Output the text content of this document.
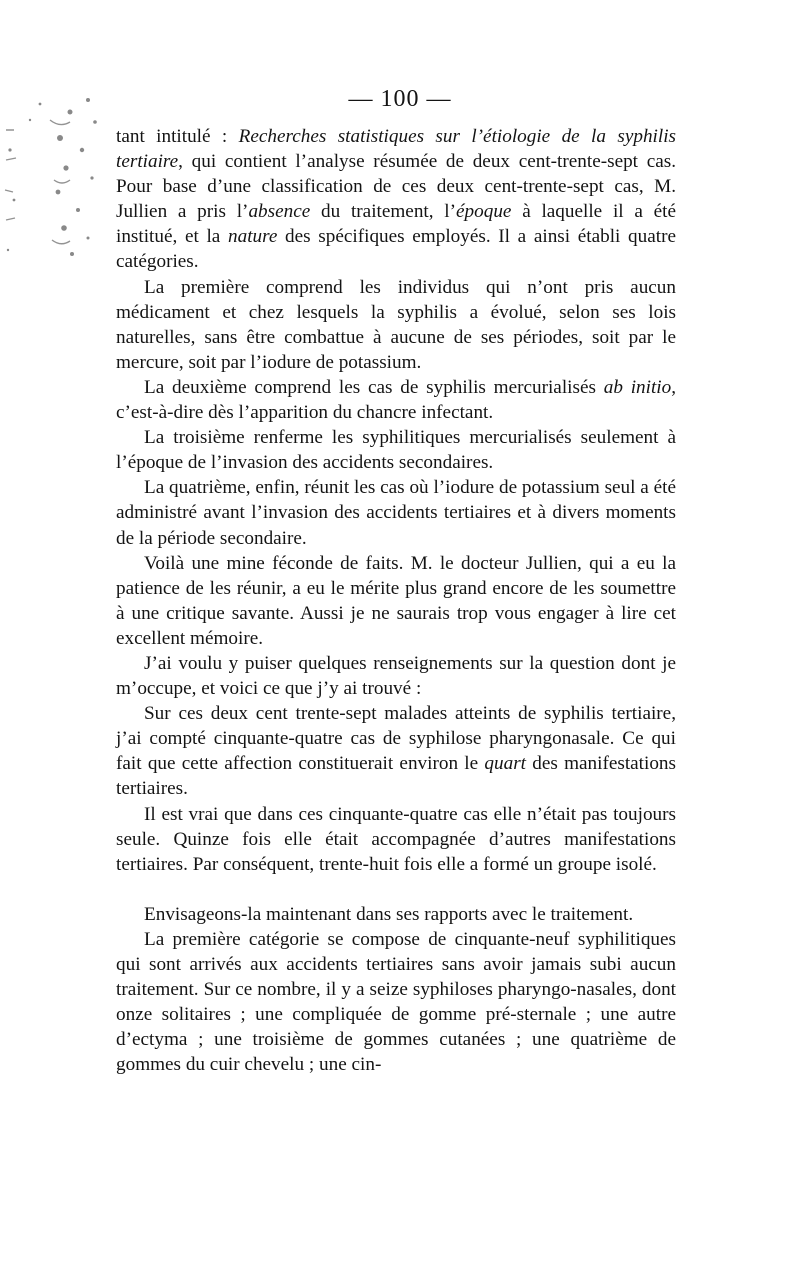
— 100 —

tant intitulé : Recherches statistiques sur l’étiologie de la syphilis tertiaire, qui contient l’analyse résumée de deux cent-trente-sept cas. Pour base d’une classification de ces deux cent-trente-sept cas, M. Jullien a pris l’absence du traitement, l’époque à laquelle il a été institué, et la nature des spécifiques employés. Il a ainsi établi quatre catégories.

La première comprend les individus qui n’ont pris aucun médicament et chez lesquels la syphilis a évolué, selon ses lois naturelles, sans être combattue à aucune de ses périodes, soit par le mercure, soit par l’iodure de potassium.

La deuxième comprend les cas de syphilis mercurialisés ab initio, c’est-à-dire dès l’apparition du chancre infectant.

La troisième renferme les syphilitiques mercurialisés seulement à l’époque de l’invasion des accidents secondaires.

La quatrième, enfin, réunit les cas où l’iodure de potassium seul a été administré avant l’invasion des accidents tertiaires et à divers moments de la période secondaire.

Voilà une mine féconde de faits. M. le docteur Jullien, qui a eu la patience de les réunir, a eu le mérite plus grand encore de les soumettre à une critique savante. Aussi je ne saurais trop vous engager à lire cet excellent mémoire.

J’ai voulu y puiser quelques renseignements sur la question dont je m’occupe, et voici ce que j’y ai trouvé :

Sur ces deux cent trente-sept malades atteints de syphilis tertiaire, j’ai compté cinquante-quatre cas de syphilose pharyngonasale. Ce qui fait que cette affection constituerait environ le quart des manifestations tertiaires.

Il est vrai que dans ces cinquante-quatre cas elle n’était pas toujours seule. Quinze fois elle était accompagnée d’autres manifestations tertiaires. Par conséquent, trente-huit fois elle a formé un groupe isolé.

Envisageons-la maintenant dans ses rapports avec le traitement.

La première catégorie se compose de cinquante-neuf syphilitiques qui sont arrivés aux accidents tertiaires sans avoir jamais subi aucun traitement. Sur ce nombre, il y a seize syphiloses pharyngo-nasales, dont onze solitaires ; une compliquée de gomme pré-sternale ; une autre d’ectyma ; une troisième de gommes cutanées ; une quatrième de gommes du cuir chevelu ; une cin-
